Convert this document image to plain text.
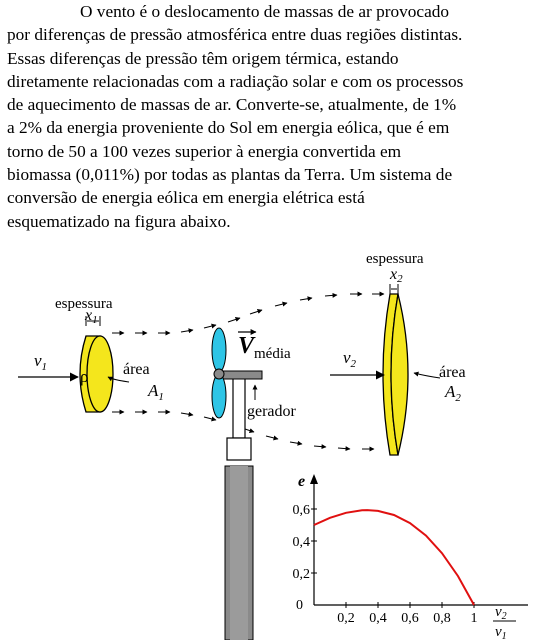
O vento é o deslocamento de massas de ar provocado

por diferenças de pressão atmosférica entre duas regiões distintas.

Essas diferenças de pressão têm origem térmica, estando

diretamente relacionadas com a radiação solar e com os processos

de aquecimento de massas de ar. Converte-se, atualmente, de 1%

a 2% da energia proveniente do Sol em energia eólica, que é em

torno de 50 a 100 vezes superior à energia convertida em

biomassa (0,011%) por todas as plantas da Terra. Um sistema de

conversão de energia eólica em energia elétrica está

esquematizado na figura abaixo.

ρ
espessura
x1
$v_1$	área
$A_1$
$V_{média}$
gerador
espessura
x2
$v_2$	área
$A_2$
e
0
0,2 0,4 0,6 0,8 1
0,2
0,4
0,6
$v_2$
$v_1$
